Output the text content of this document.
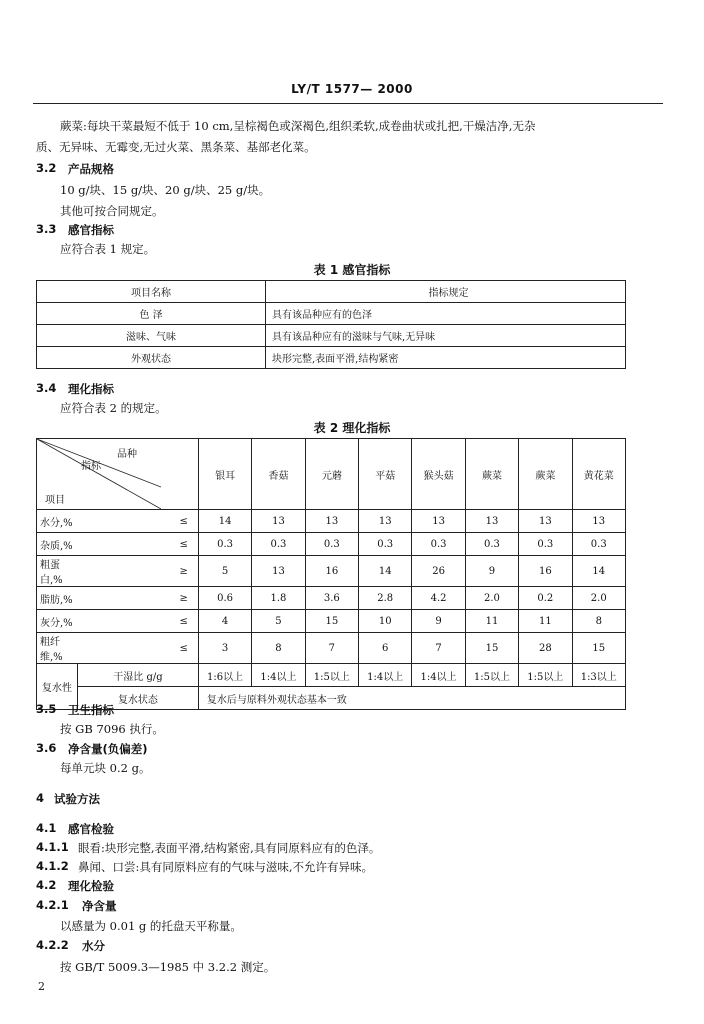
LY/T 1577— 2000
蕨菜:每块干菜最短不低于 10 cm,呈棕褐色或深褐色,组织柔软,成卷曲状或扎把,干燥洁净,无杂
质、无异味、无霉变,无过火菜、黑条菜、基部老化菜。
3.2 产品规格
10 g/块、15 g/块、20 g/块、25 g/块。
其他可按合同规定。
3.3 感官指标
应符合表 1 规定。
表 1 感官指标
项目名称	指标规定
色 泽	具有该品种应有的色泽
滋味、气味	具有该品种应有的滋味与气味,无异味
外观状态	块形完整,表面平滑,结构紧密
3.4 理化指标
应符合表 2 的规定。
表 2 理化指标
品种
指标
项目		银耳	香菇	元蘑	平菇	猴头菇	蕨菜	蕨菜	黄花菜
水分,%	≤	14	13	13	13	13	13	13	13
杂质,%	≤	0.3	0.3	0.3	0.3	0.3	0.3	0.3	0.3
粗蛋白,%	≥	5	13	16	14	26	9	16	14
脂肪,%	≥	0.6	1.8	3.6	2.8	4.2	2.0	0.2	2.0
灰分,%	≤	4	5	15	10	9	11	11	8
粗纤维,%	≤	3	8	7	6	7	15	28	15
复水性	干湿比 g/g	1:6以上	1:4以上	1:5以上	1:4以上	1:4以上	1:5以上	1:5以上	1:3以上
	复水状态	复水后与原料外观状态基本一致							
3.5 卫生指标
按 GB 7096 执行。
3.6 净含量(负偏差)
每单元块 0.2 g。
4 试验方法
4.1 感官检验
4.1.1 眼看:块形完整,表面平滑,结构紧密,具有同原料应有的色泽。
4.1.2 鼻闻、口尝:具有同原料应有的气味与滋味,不允许有异味。
4.2 理化检验
4.2.1 净含量
以感量为 0.01 g 的托盘天平称量。
4.2.2 水分
按 GB/T 5009.3—1985 中 3.2.2 测定。
2
